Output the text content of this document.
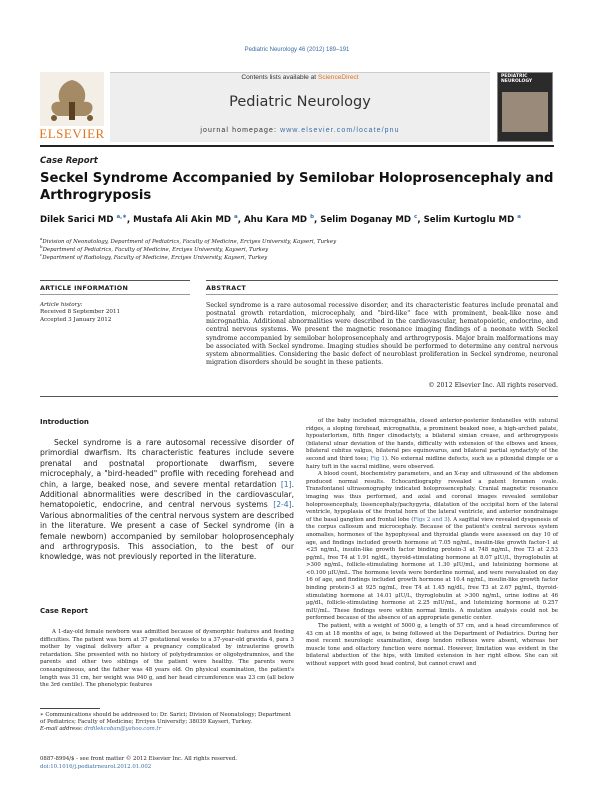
Pediatric Neurology 46 (2012) 189–191
ELSEVIER
Contents lists available at ScienceDirect
Pediatric Neurology
journal homepage: www.elsevier.com/locate/pnu
PEDIATRIC NEUROLOGY
Case Report
Seckel Syndrome Accompanied by Semilobar Holoprosencephaly and Arthrogryposis
Dilek Sarici MD $^{a,∗}$, Mustafa Ali Akin MD $^a$, Ahu Kara MD $^b$, Selim Doganay MD $^c$, Selim Kurtoglu MD $^a$
$^a$Division of Neonatology, Department of Pediatrics, Faculty of Medicine, Erciyes University, Kayseri, Turkey
$^b$Department of Pediatrics, Faculty of Medicine, Erciyes University, Kayseri, Turkey
$^c$Department of Radiology, Faculty of Medicine, Erciyes University, Kayseri, Turkey
ARTICLE INFORMATION	ABSTRACT
Article history:
Received 8 September 2011
Accepted 3 January 2012
Seckel syndrome is a rare autosomal recessive disorder, and its characteristic features include prenatal and postnatal growth retardation, microcephaly, and "bird-like" face with prominent, beak-like nose and micrognathia. Additional abnormalities were described in the cardiovascular, hematopoietic, endocrine, and central nervous systems. We present the magnetic resonance imaging findings of a neonate with Seckel syndrome accompanied by semilobar holoprosencephaly and arthrogryposis. Major brain malformations may be associated with Seckel syndrome. Imaging studies should be performed to determine any central nervous system abnormalities. Considering the basic defect of neuroblast proliferation in Seckel syndrome, neuronal migration disorders should be sought in these patients.
© 2012 Elsevier Inc. All rights reserved.
Introduction
Seckel syndrome is a rare autosomal recessive disorder of primordial dwarfism. Its characteristic features include severe prenatal and postnatal proportionate dwarfism, severe microcephaly, a "bird-headed" profile with receding forehead and chin, a large, beaked nose, and severe mental retardation [1]. Additional abnormalities were described in the cardiovascular, hematopoietic, endocrine, and central nervous systems [2-4]. Various abnormalities of the central nervous system are described in the literature. We present a case of Seckel syndrome (in a female newborn) accompanied by semilobar holoprosencephaly and arthrogryposis. This association, to the best of our knowledge, was not previously reported in the literature.
Case Report
A 1-day-old female newborn was admitted because of dysmorphic features and feeding difficulties. The patient was born at 37 gestational weeks to a 37-year-old gravida 4, para 3 mother by vaginal delivery after a pregnancy complicated by intrauterine growth retardation. She presented with no history of polyhydramnios or oligohydramnios, and the parents and other two siblings of the patient were healthy. The parents were consanguineous, and the father was 48 years old. On physical examination, the patient's length was 31 cm, her weight was 940 g, and her head circumference was 23 cm (all below the 3rd centile). The phenotypic features
∗ Communications should be addressed to: Dr. Sarici; Division of Neonatology; Department of Pediatrics; Faculty of Medicine; Erciyes University; 38039 Kayseri, Turkey.
E-mail address: drdilekcoban@yahoo.com.tr
0887-8994/$ - see front matter © 2012 Elsevier Inc. All rights reserved.
doi:10.1016/j.pediatrneurol.2012.01.002

of the baby included micrognathia, closed anterior-posterior fontanelles with sutural ridges, a sloping forehead, micrognathia, a prominent beaked nose, a high-arched palate, hypoaterlorism, fifth finger clinodactyly, a bilateral simian crease, and arthrogryposis (bilateral ulnar deviation of the hands, difficulty with extension of the elbows and knees, bilateral cubitus valgus, bilateral pes equinovarus, and bilateral partial syndactyly of the second and third toes; Fig 1). No external midline defects, such as a pilonidal dimple or a hairy tuft in the sacral midline, were observed.

A blood count, biochemistry parameters, and an X-ray and ultrasound of the abdomen produced normal results. Echocardiography revealed a patent foramen ovale. Transfontanel ultrasonography indicated holoprosencephaly. Cranial magnetic resonance imaging was thus performed, and axial and coronal images revealed semilobar holoprosencephaly, lissencephaly/pachygyria, dilatation of the occipital horn of the lateral ventricle, hypoplasia of the frontal horn of the lateral ventricle, and anterior nondrainage of the basal ganglion and frontal lobe (Figs 2 and 3). A sagittal view revealed dysgenesis of the corpus callosum and microcephaly. Because of the patient's central nervous system anomalies, hormones of the hypophyseal and thyroidal glands were assessed on day 10 of age, and findings included growth hormone at 7.05 ng/mL, insulin-like growth factor-1 at <25 ng/mL, insulin-like growth factor binding protein-3 at 748 ng/mL, free T3 at 2.53 pg/mL, free T4 at 1.91 ng/dL, thyroid-stimulating hormone at 8.07 μIU/L, thyroglobulin at >300 ng/mL, follicle-stimulating hormone at 1.30 μIU/mL, and luteinizing hormone at <0.100 μIU/mL. The hormone levels were borderline normal, and were reevaluated on day 16 of age, and findings included growth hormone at 10.4 ng/mL, insulin-like growth factor binding protein-3 at 925 ng/mL, free T4 at 1.45 ng/dL, free T3 at 2.67 pg/mL, thyroid-stimulating hormone at 14.01 μIU/L, thyroglobulin at >300 ng/mL, urine iodine at 46 μg/dL, follicle-stimulating hormone at 2.25 mIU/mL, and luteinizing hormone at 0.257 mIU/mL. These findings were within normal limits. A mutation analysis could not be performed because of the absence of an appropriate genetic center.

The patient, with a weight of 5000 g, a length of 57 cm, and a head circumference of 43 cm at 18 months of age, is being followed at the Department of Pediatrics. During her most recent neurologic examination, deep tendon reflexes were absent, whereas her muscle tone and olfactory function were normal. However, limitation was evident in the bilateral abduction of the hips, with limited extension in her right elbow. She can sit without support with good head control, but cannot crawl and
